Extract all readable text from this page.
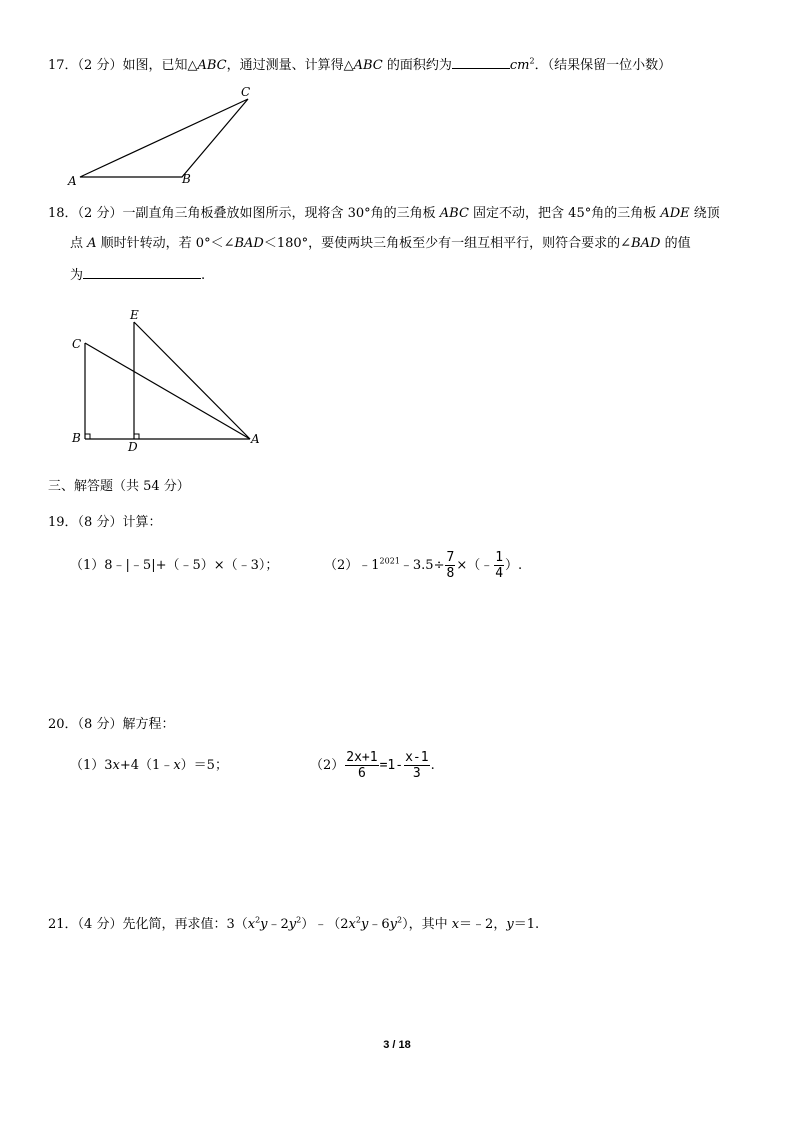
17．（2 分）如图，已知△ABC，通过测量、计算得△ABC 的面积约为	$cm^2$．（结果保留一位小数）
C
A	B
18．（2 分）一副直角三角板叠放如图所示，现将含 30°角的三角板 ABC 固定不动，把含 45°角的三角板 ADE 绕顶
点 A 顺时针转动，若 0°＜∠BAD＜180°，要使两块三角板至少有一组互相平行，则符合要求的∠BAD 的值
为	.
E
C
B
D
A
三、解答题（共 54 分）
19．（8 分）计算：
（1）8﹣|﹣5|+（﹣5）×（﹣3）；	$(2)﹣1^{2021}﹣3.5\div \frac{7}{8}$ ×（﹣ $\frac{1}{4}$ ）.
20．（8 分）解方程：
（1）3x+4（1﹣x）＝5；	$(2) \frac{2x+1}{6} =1- \frac{x-1}{3}$ .
21．（4 分）先化简，再求值：$3(x^2y﹣2y^2)﹣(2x^2y﹣6y^2)$，其中 x＝﹣2，y＝1.
3 / 18
